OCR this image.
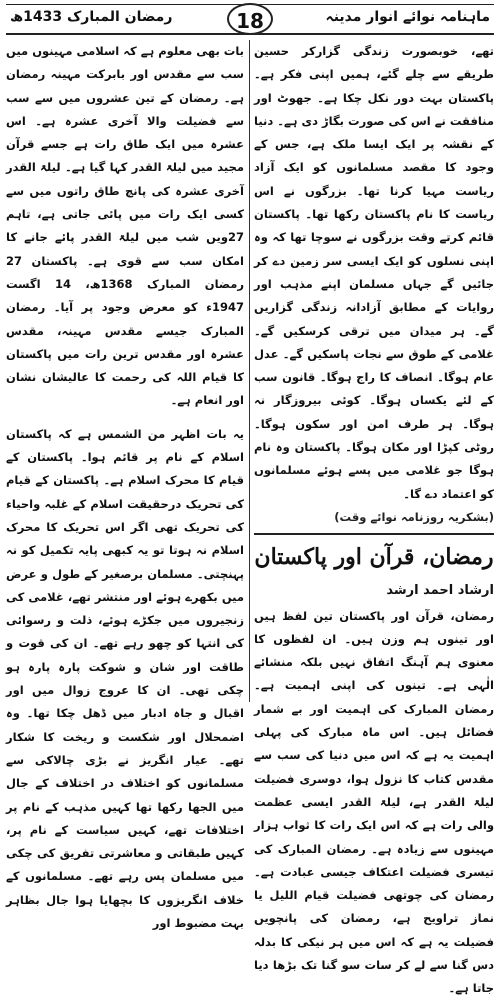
ماہنامہ نوائے انوار مدینہ
18
رمضان المبارک 1433ھ

تھے، خوبصورت زندگی گزارکر حسین طریقے سے چلے گئے، ہمیں اپنی فکر ہے۔ پاکستان بہت دور نکل چکا ہے۔ جھوٹ اور منافقت نے اس کی صورت بگاڑ دی ہے۔ دنیا کے نقشہ پر ایک ایسا ملک ہے، جس کے وجود کا مقصد مسلمانوں کو ایک آزاد ریاست مہیا کرنا تھا۔ بزرگوں نے اس ریاست کا نام پاکستان رکھا تھا۔ پاکستان قائم کرتے وقت بزرگوں نے سوچا تھا کہ وہ اپنی نسلوں کو ایک ایسی سر زمین دے کر جائیں گے جہاں مسلمان اپنے مذہب اور روایات کے مطابق آزادانہ زندگی گزاریں گے۔ ہر میدان میں ترقی کرسکیں گے۔ غلامی کے طوق سے نجات پاسکیں گے۔ عدل عام ہوگا۔ انصاف کا راج ہوگا۔ قانون سب کے لئے یکساں ہوگا۔ کوئی بیروزگار نہ ہوگا۔ ہر طرف امن اور سکون ہوگا۔ روٹی کپڑا اور مکان ہوگا۔ پاکستان وہ نام ہوگا جو غلامی میں پسے ہوئے مسلمانوں کو اعتماد دے گا۔

(بشکریہ روزنامہ نوائے وقت)

رمضان، قرآن اور پاکستان
ارشاد احمد ارشد

رمضان، قرآن اور پاکستان تین لفظ ہیں اور تینوں ہم وزن ہیں۔ ان لفظوں کا معنوی ہم آہنگ اتفاق نہیں بلکہ منشائے الٰہی ہے۔ تینوں کی اپنی اہمیت ہے۔ رمضان المبارک کی اہمیت اور بے شمار فضائل ہیں۔ اس ماہ مبارک کی پہلی اہمیت یہ ہے کہ اس میں دنیا کی سب سے مقدس کتاب کا نزول ہوا، دوسری فضیلت لیلۃ القدر ہے، لیلۃ القدر ایسی عظمت والی رات ہے کہ اس ایک رات کا ثواب ہزار مہینوں سے زیادہ ہے۔ رمضان المبارک کی تیسری فضیلت اعتکاف جیسی عبادت ہے۔ رمضان کی چوتھی فضیلت قیام اللیل یا نماز تراویح ہے، رمضان کی پانچویں فضیلت یہ ہے کہ اس میں ہر نیکی کا بدلہ دس گنا سے لے کر سات سو گنا تک بڑھا دیا جاتا ہے۔

بات بھی معلوم ہے کہ اسلامی مہینوں میں سب سے مقدس اور بابرکت مہینہ رمضان ہے۔ رمضان کے تین عشروں میں سے سب سے فضیلت والا آخری عشرہ ہے۔ اس عشرہ میں ایک طاق رات ہے جسے قرآن مجید میں لیلۃ القدر کہا گیا ہے۔ لیلۃ القدر آخری عشرہ کی پانچ طاق راتوں میں سے کسی ایک رات میں پائی جاتی ہے، تاہم 27ویں شب میں لیلۃ القدر پائے جانے کا امکان سب سے قوی ہے۔ پاکستان 27 رمضان المبارک 1368ھ، 14 اگست 1947ء کو معرض وجود پر آیا۔ رمضان المبارک جیسے مقدس مہینہ، مقدس عشرہ اور مقدس ترین رات میں پاکستان کا قیام اللہ کی رحمت کا عالیشان نشان اور انعام ہے۔

یہ بات اظہر من الشمس ہے کہ پاکستان اسلام کے نام پر قائم ہوا۔ پاکستان کے قیام کا محرک اسلام ہے۔ پاکستان کے قیام کی تحریک درحقیقت اسلام کے غلبہ واحیاء کی تحریک تھی اگر اس تحریک کا محرک اسلام نہ ہوتا تو یہ کبھی پایہ تکمیل کو نہ پہنچتی۔ مسلمان برصغیر کے طول و عرض میں بکھرے ہوئے اور منتشر تھے، غلامی کی زنجیروں میں جکڑے ہوئے، ذلت و رسوائی کی انتہا کو چھو رہے تھے۔ ان کی قوت و طاقت اور شان و شوکت پارہ پارہ ہو چکی تھی۔ ان کا عروج زوال میں اور اقبال و جاہ ادبار میں ڈھل چکا تھا۔ وہ اضمحلال اور شکست و ریخت کا شکار تھے۔ عیار انگریز نے بڑی چالاکی سے مسلمانوں کو اختلاف در اختلاف کے جال میں الجھا رکھا تھا کہیں مذہب کے نام پر اختلافات تھے، کہیں سیاست کے نام پر، کہیں طبقاتی و معاشرتی تفریق کی چکی میں مسلمان پس رہے تھے۔ مسلمانوں کے خلاف انگریزوں کا بچھایا ہوا جال بظاہر بہت مضبوط اور
